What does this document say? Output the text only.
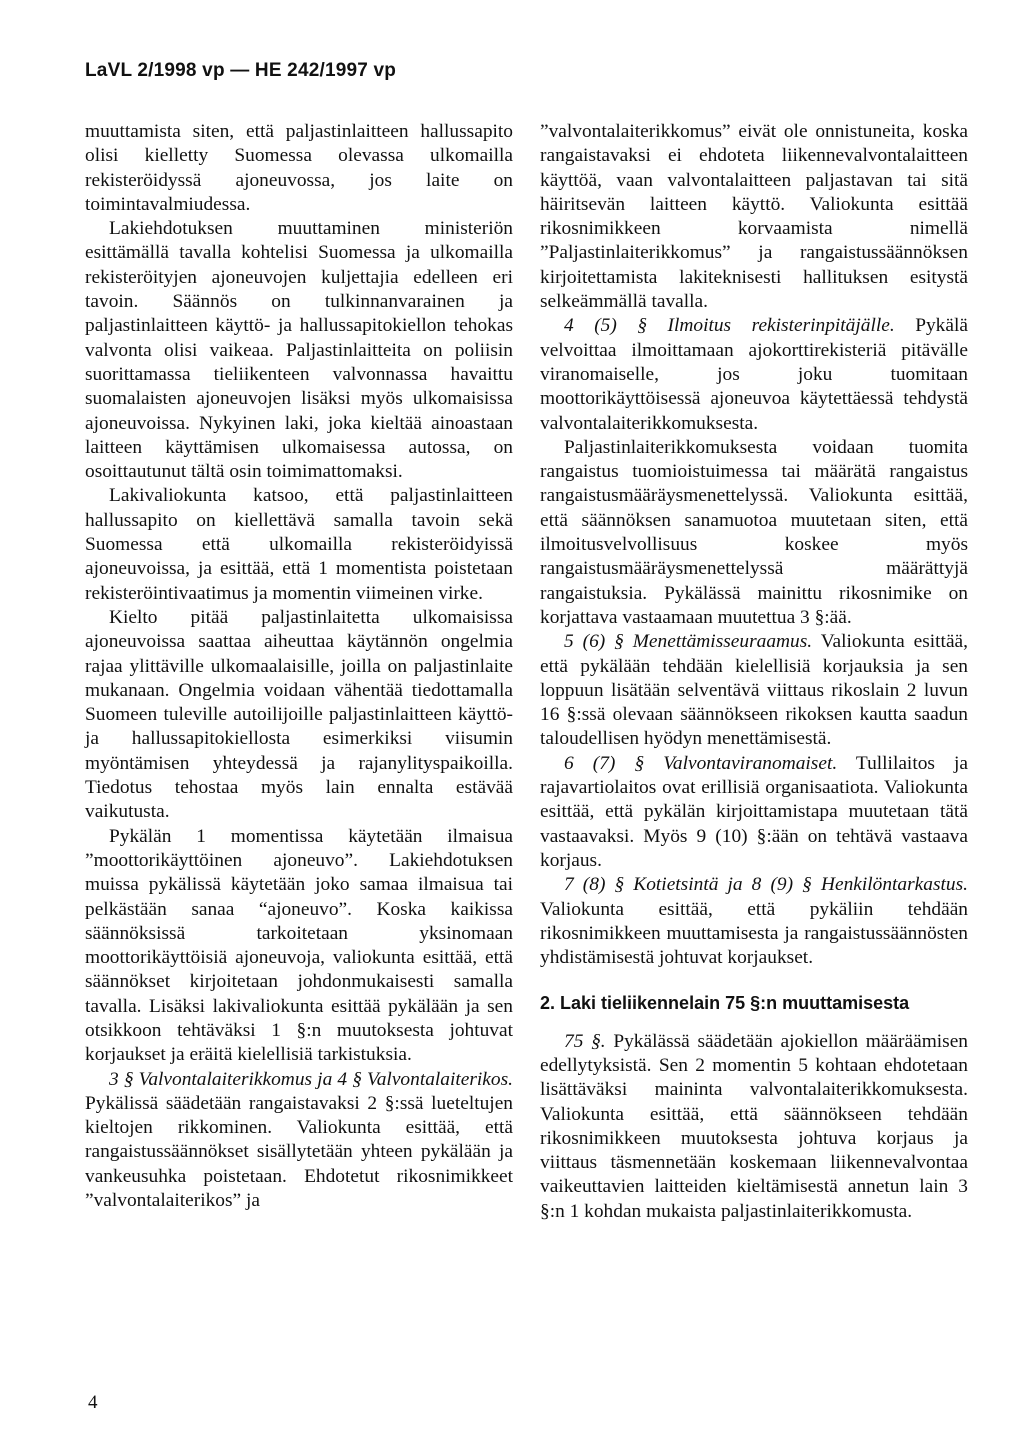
LaVL 2/1998 vp — HE 242/1997 vp

muuttamista siten, että paljastinlaitteen hallussapito olisi kielletty Suomessa olevassa ulkomailla rekisteröidyssä ajoneuvossa, jos laite on toimintavalmiudessa.

Lakiehdotuksen muuttaminen ministeriön esittämällä tavalla kohtelisi Suomessa ja ulkomailla rekisteröityjen ajoneuvojen kuljettajia edelleen eri tavoin. Säännös on tulkinnanvarainen ja paljastinlaitteen käyttö- ja hallussapitokiellon tehokas valvonta olisi vaikeaa. Paljastinlaitteita on poliisin suorittamassa tieliikenteen valvonnassa havaittu suomalaisten ajoneuvojen lisäksi myös ulkomaisissa ajoneuvoissa. Nykyinen laki, joka kieltää ainoastaan laitteen käyttämisen ulkomaisessa autossa, on osoittautunut tältä osin toimimattomaksi.

Lakivaliokunta katsoo, että paljastinlaitteen hallussapito on kiellettävä samalla tavoin sekä Suomessa että ulkomailla rekisteröidyissä ajoneuvoissa, ja esittää, että 1 momentista poistetaan rekisteröintivaatimus ja momentin viimeinen virke.

Kielto pitää paljastinlaitetta ulkomaisissa ajoneuvoissa saattaa aiheuttaa käytännön ongelmia rajaa ylittäville ulkomaalaisille, joilla on paljastinlaite mukanaan. Ongelmia voidaan vähentää tiedottamalla Suomeen tuleville autoilijoille paljastinlaitteen käyttö- ja hallussapitokiellosta esimerkiksi viisumin myöntämisen yhteydessä ja rajanylityspaikoilla. Tiedotus tehostaa myös lain ennalta estävää vaikutusta.

Pykälän 1 momentissa käytetään ilmaisua ”moottorikäyttöinen ajoneuvo”. Lakiehdotuksen muissa pykälissä käytetään joko samaa ilmaisua tai pelkästään sanaa “ajoneuvo”. Koska kaikissa säännöksissä tarkoitetaan yksinomaan moottorikäyttöisiä ajoneuvoja, valiokunta esittää, että säännökset kirjoitetaan johdonmukaisesti samalla tavalla. Lisäksi lakivaliokunta esittää pykälään ja sen otsikkoon tehtäväksi 1 §:n muutoksesta johtuvat korjaukset ja eräitä kielellisiä tarkistuksia.

3 § Valvontalaiterikkomus ja 4 § Valvontalaiterikos. Pykälissä säädetään rangaistavaksi 2 §:ssä lueteltujen kieltojen rikkominen. Valiokunta esittää, että rangaistussäännökset sisällytetään yhteen pykälään ja vankeusuhka poistetaan. Ehdotetut rikosnimikkeet ”valvontalaiterikos” ja

”valvontalaiterikkomus” eivät ole onnistuneita, koska rangaistavaksi ei ehdoteta liikennevalvontalaitteen käyttöä, vaan valvontalaitteen paljastavan tai sitä häiritsevän laitteen käyttö. Valiokunta esittää rikosnimikkeen korvaamista nimellä ”Paljastinlaiterikkomus” ja rangaistussäännöksen kirjoitettamista lakiteknisesti hallituksen esitystä selkeämmällä tavalla.

4 (5) § Ilmoitus rekisterinpitäjälle. Pykälä velvoittaa ilmoittamaan ajokorttirekisteriä pitävälle viranomaiselle, jos joku tuomitaan moottorikäyttöisessä ajoneuvoa käytettäessä tehdystä valvontalaiterikkomuksesta.

Paljastinlaiterikkomuksesta voidaan tuomita rangaistus tuomioistuimessa tai määrätä rangaistus rangaistusmääräysmenettelyssä. Valiokunta esittää, että säännöksen sanamuotoa muutetaan siten, että ilmoitusvelvollisuus koskee myös rangaistusmääräysmenettelyssä määrättyjä rangaistuksia. Pykälässä mainittu rikosnimike on korjattava vastaamaan muutettua 3 §:ää.

5 (6) § Menettämisseuraamus. Valiokunta esittää, että pykälään tehdään kielellisiä korjauksia ja sen loppuun lisätään selventävä viittaus rikoslain 2 luvun 16 §:ssä olevaan säännökseen rikoksen kautta saadun taloudellisen hyödyn menettämisestä.

6 (7) § Valvontaviranomaiset. Tullilaitos ja rajavartiolaitos ovat erillisiä organisaatiota. Valiokunta esittää, että pykälän kirjoittamistapa muutetaan tätä vastaavaksi. Myös 9 (10) §:ään on tehtävä vastaava korjaus.

7 (8) § Kotietsintä ja 8 (9) § Henkilöntarkastus. Valiokunta esittää, että pykäliin tehdään rikosnimikkeen muuttamisesta ja rangaistussäännösten yhdistämisestä johtuvat korjaukset.

2. Laki tieliikennelain 75 §:n muuttamisesta

75 §. Pykälässä säädetään ajokiellon määräämisen edellytyksistä. Sen 2 momentin 5 kohtaan ehdotetaan lisättäväksi maininta valvontalaiterikkomuksesta. Valiokunta esittää, että säännökseen tehdään rikosnimikkeen muutoksesta johtuva korjaus ja viittaus täsmennetään koskemaan liikennevalvontaa vaikeuttavien laitteiden kieltämisestä annetun lain 3 §:n 1 kohdan mukaista paljastinlaiterikkomusta.

4
